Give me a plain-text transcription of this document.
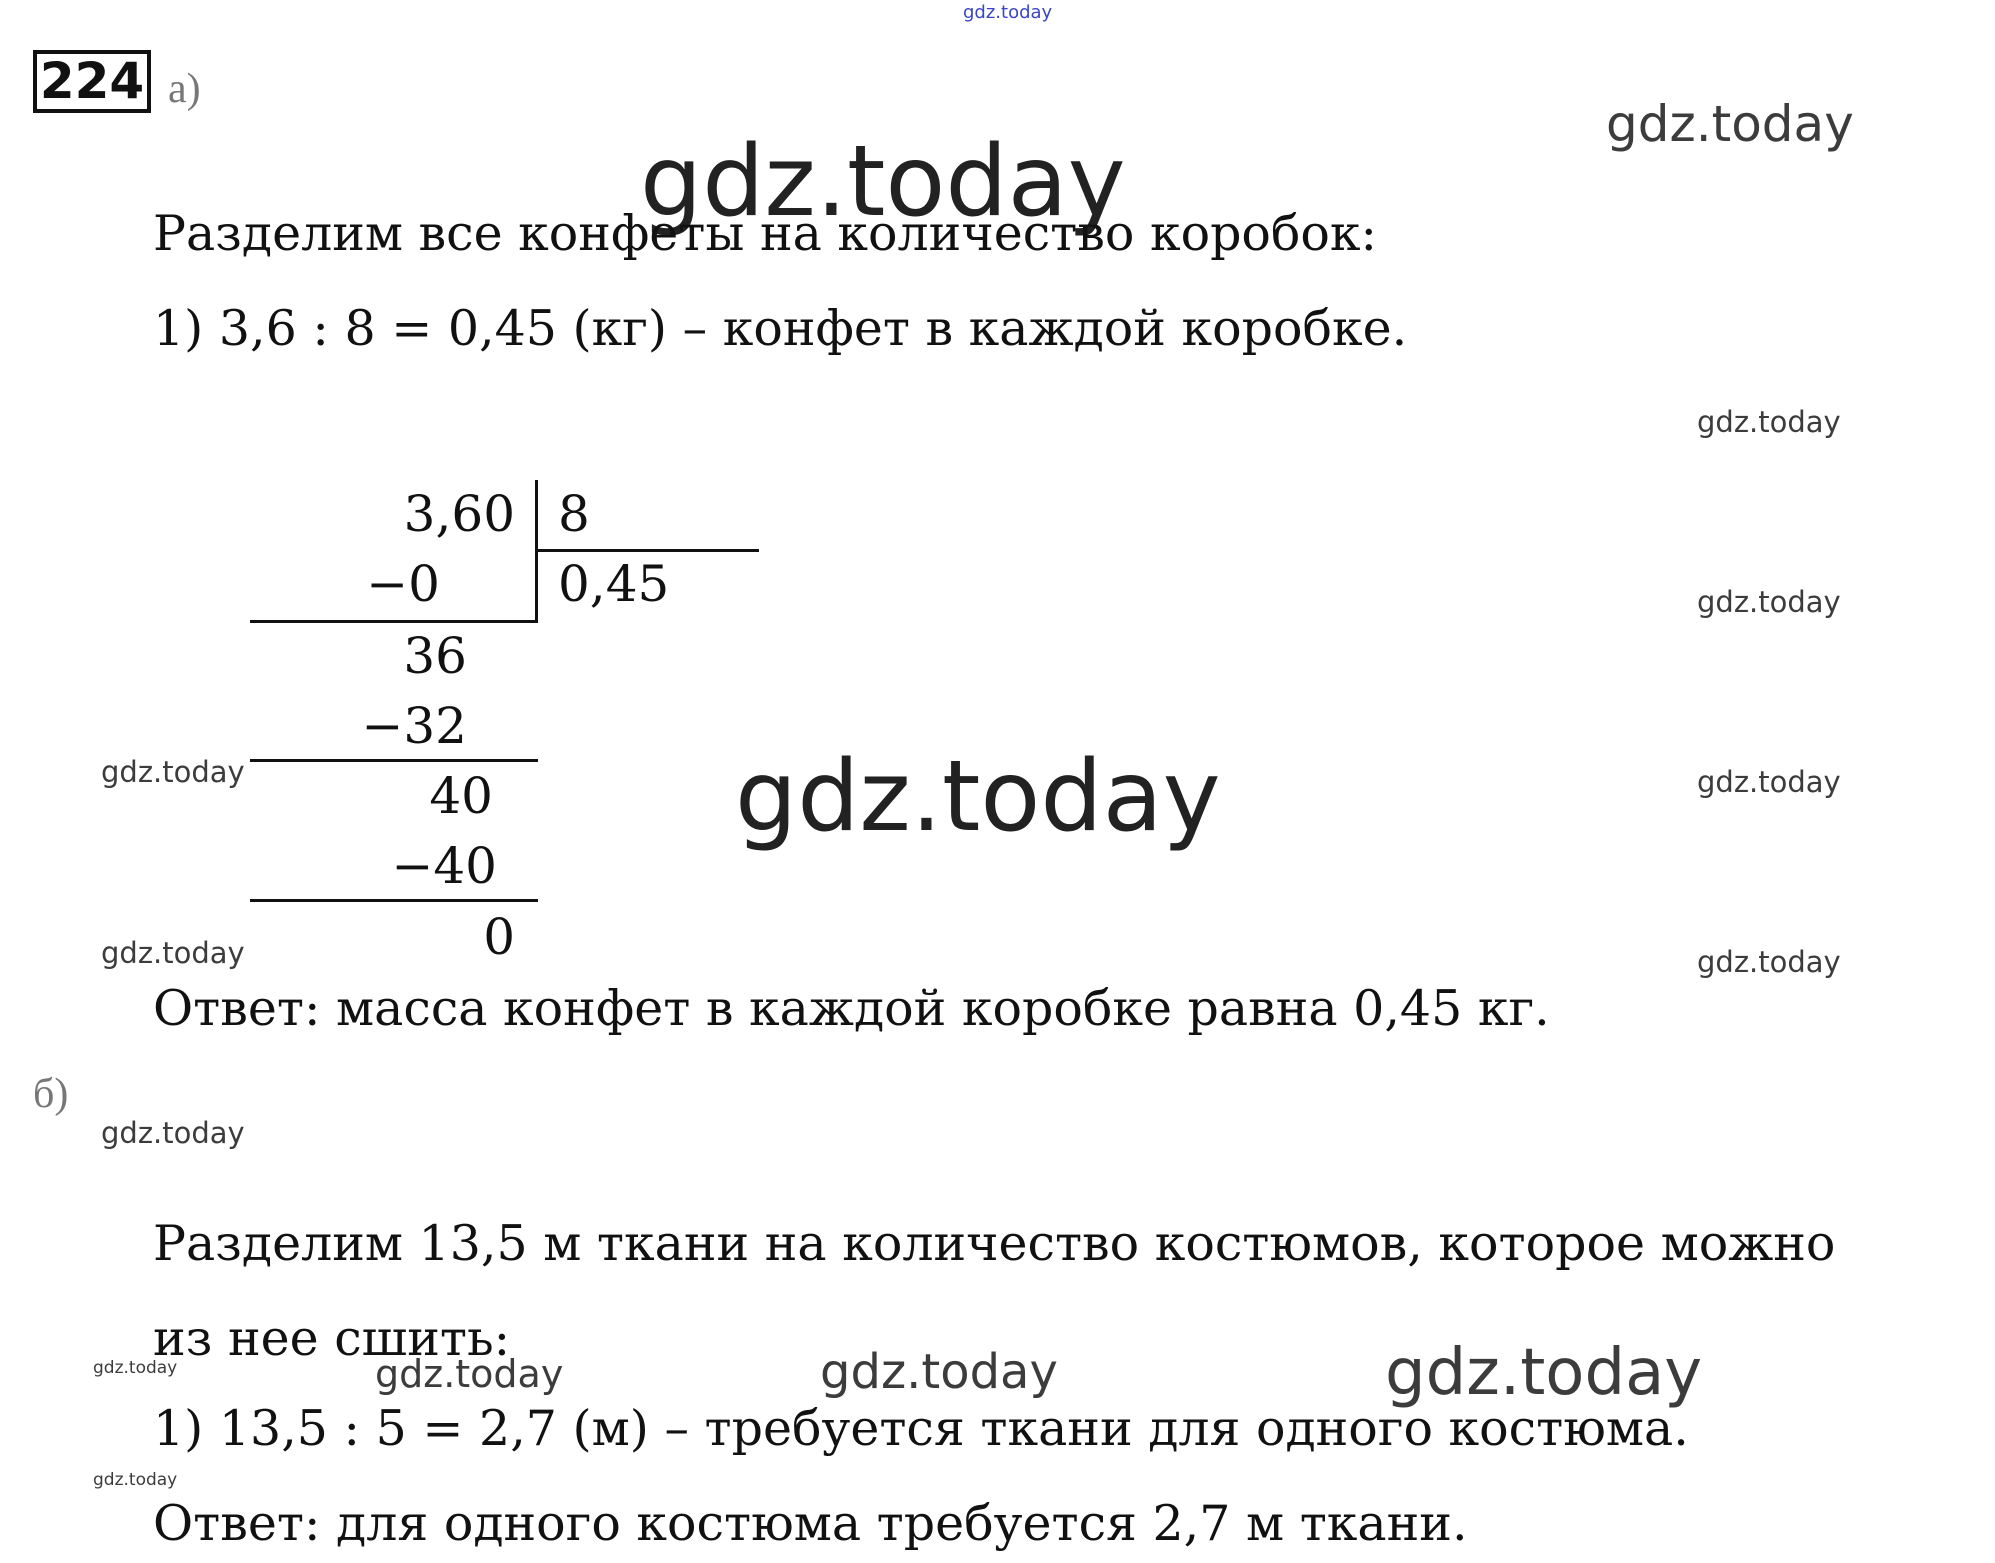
gdz.today
gdz.today
gdz.today
gdz.today
gdz.today
gdz.today	gdz.today	gdz.today
gdz.today	gdz.today
gdz.today
gdz.today	gdz.today	gdz.today	gdz.today
gdz.today
224 а)
Разделим все конфеты на количество коробок:
1) 3,6 : 8 = 0,45 (кг) – конфет в каждой коробке.
3,60 8
0,45
−0
36
−32
40
−40
0
Ответ: масса конфет в каждой коробке равна 0,45 кг.
б)
Разделим 13,5 м ткани на количество костюмов, которое можно
из нее сшить:
1) 13,5 : 5 = 2,7 (м) – требуется ткани для одного костюма.
Ответ: для одного костюма требуется 2,7 м ткани.
